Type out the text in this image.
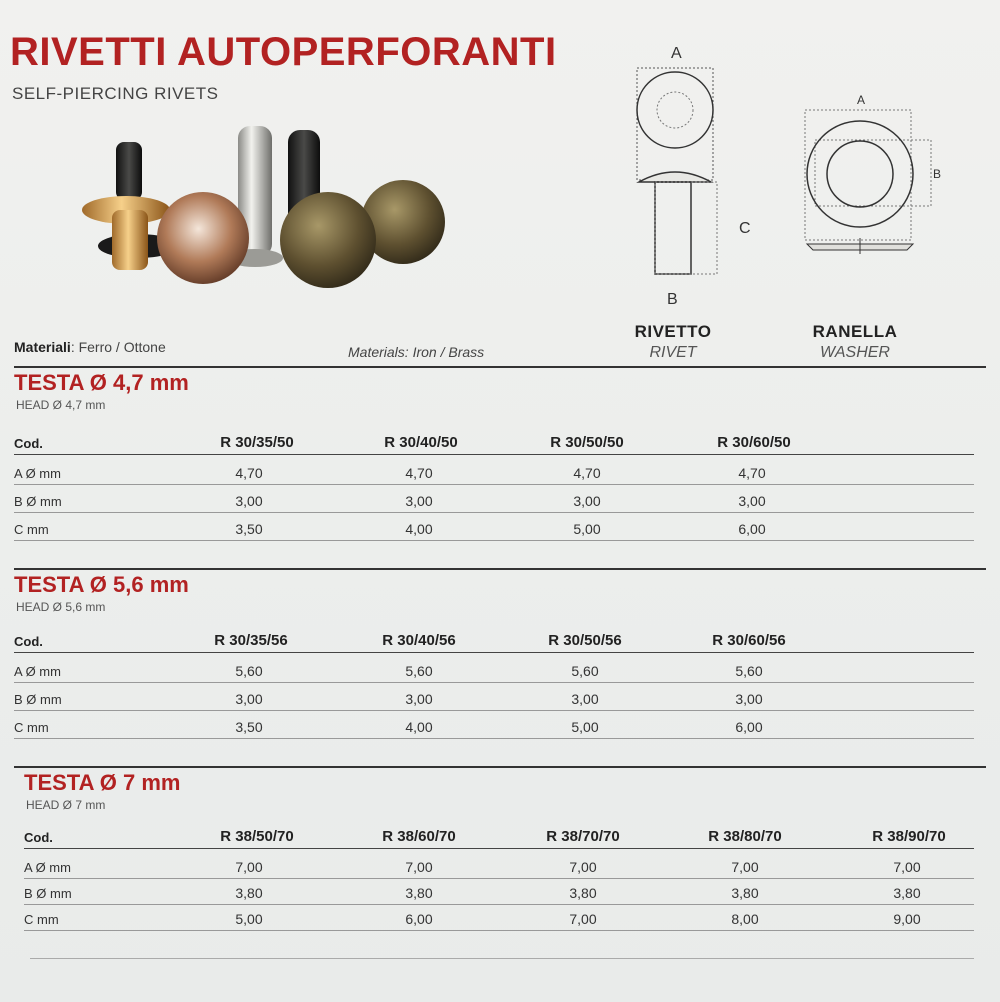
RIVETTI AUTOPERFORANTI
SELF-PIERCING RIVETS
A
C
B
A
B
RIVETTO
RIVET
RANELLA
WASHER
Materiali: Ferro / Ottone	Materials: Iron / Brass
TESTA Ø 4,7 mm
HEAD Ø 4,7 mm
Cod.	R 30/35/50	R 30/40/50	R 30/50/50	R 30/60/50
A Ø mm	4,70	4,70	4,70	4,70
B Ø mm	3,00	3,00	3,00	3,00
C mm	3,50	4,00	5,00	6,00
TESTA Ø 5,6 mm
HEAD Ø 5,6 mm
Cod.	R 30/35/56	R 30/40/56	R 30/50/56	R 30/60/56
A Ø mm	5,60	5,60	5,60	5,60
B Ø mm	3,00	3,00	3,00	3,00
C mm	3,50	4,00	5,00	6,00
TESTA Ø 7 mm
HEAD Ø 7 mm
Cod.	R 38/50/70	R 38/60/70	R 38/70/70	R 38/80/70	R 38/90/70
A Ø mm	7,00	7,00	7,00	7,00	7,00
B Ø mm	3,80	3,80	3,80	3,80	3,80
C mm	5,00	6,00	7,00	8,00	9,00
